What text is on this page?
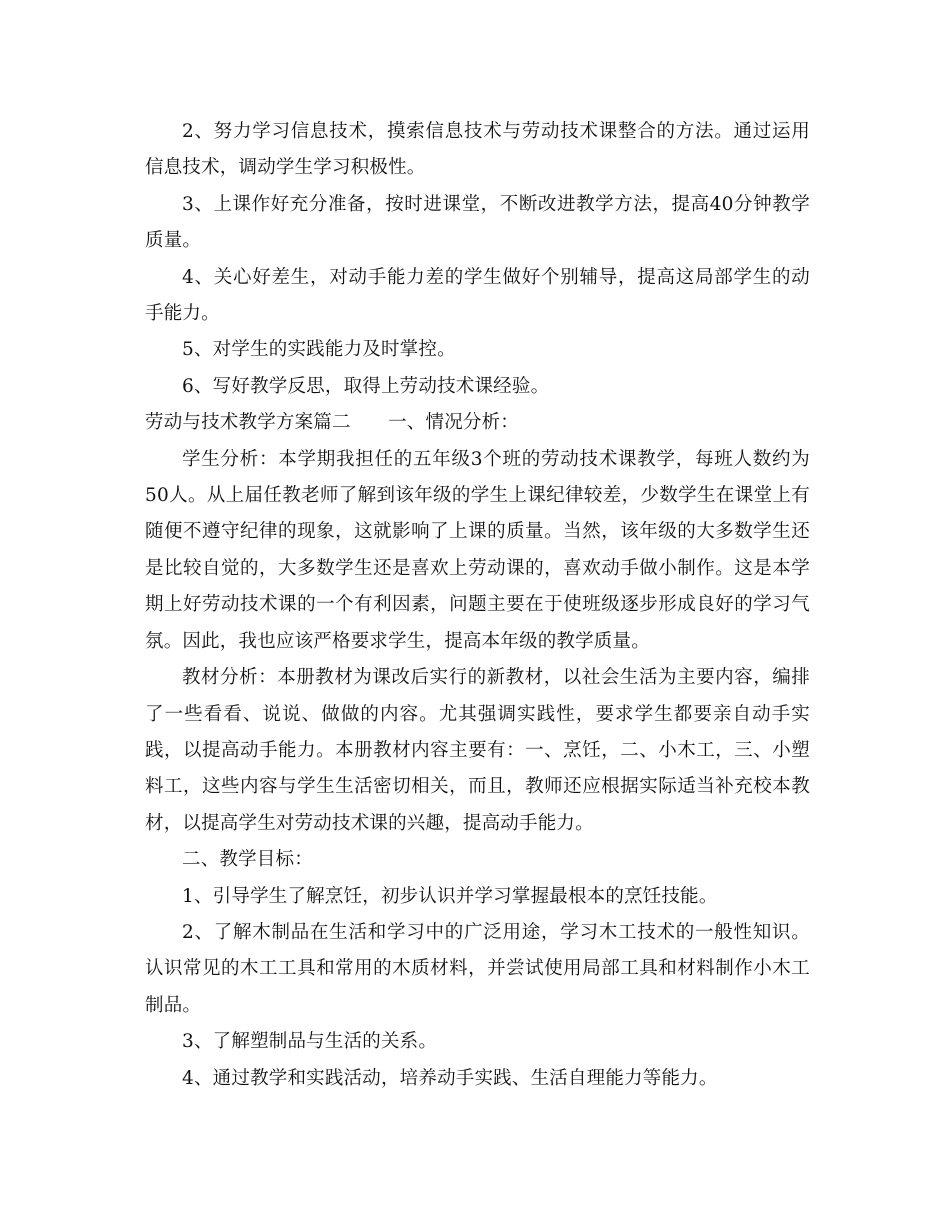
2、努力学习信息技术，摸索信息技术与劳动技术课整合的方法。通过运用信息技术，调动学生学习积极性。

3、上课作好充分准备，按时进课堂，不断改进教学方法，提高40分钟教学质量。

4、关心好差生，对动手能力差的学生做好个别辅导，提高这局部学生的动手能力。

5、对学生的实践能力及时掌控。

6、写好教学反思，取得上劳动技术课经验。

劳动与技术教学方案篇二　　一、情况分析：

学生分析：本学期我担任的五年级3个班的劳动技术课教学，每班人数约为50人。从上届任教老师了解到该年级的学生上课纪律较差，少数学生在课堂上有随便不遵守纪律的现象，这就影响了上课的质量。当然，该年级的大多数学生还是比较自觉的，大多数学生还是喜欢上劳动课的，喜欢动手做小制作。这是本学期上好劳动技术课的一个有利因素，问题主要在于使班级逐步形成良好的学习气氛。因此，我也应该严格要求学生，提高本年级的教学质量。

教材分析：本册教材为课改后实行的新教材，以社会生活为主要内容，编排了一些看看、说说、做做的内容。尤其强调实践性，要求学生都要亲自动手实践，以提高动手能力。本册教材内容主要有：一、烹饪，二、小木工，三、小塑料工，这些内容与学生生活密切相关，而且，教师还应根据实际适当补充校本教材，以提高学生对劳动技术课的兴趣，提高动手能力。

二、教学目标：

1、引导学生了解烹饪，初步认识并学习掌握最根本的烹饪技能。

2、了解木制品在生活和学习中的广泛用途，学习木工技术的一般性知识。认识常见的木工工具和常用的木质材料，并尝试使用局部工具和材料制作小木工制品。

3、了解塑制品与生活的关系。

4、通过教学和实践活动，培养动手实践、生活自理能力等能力。
